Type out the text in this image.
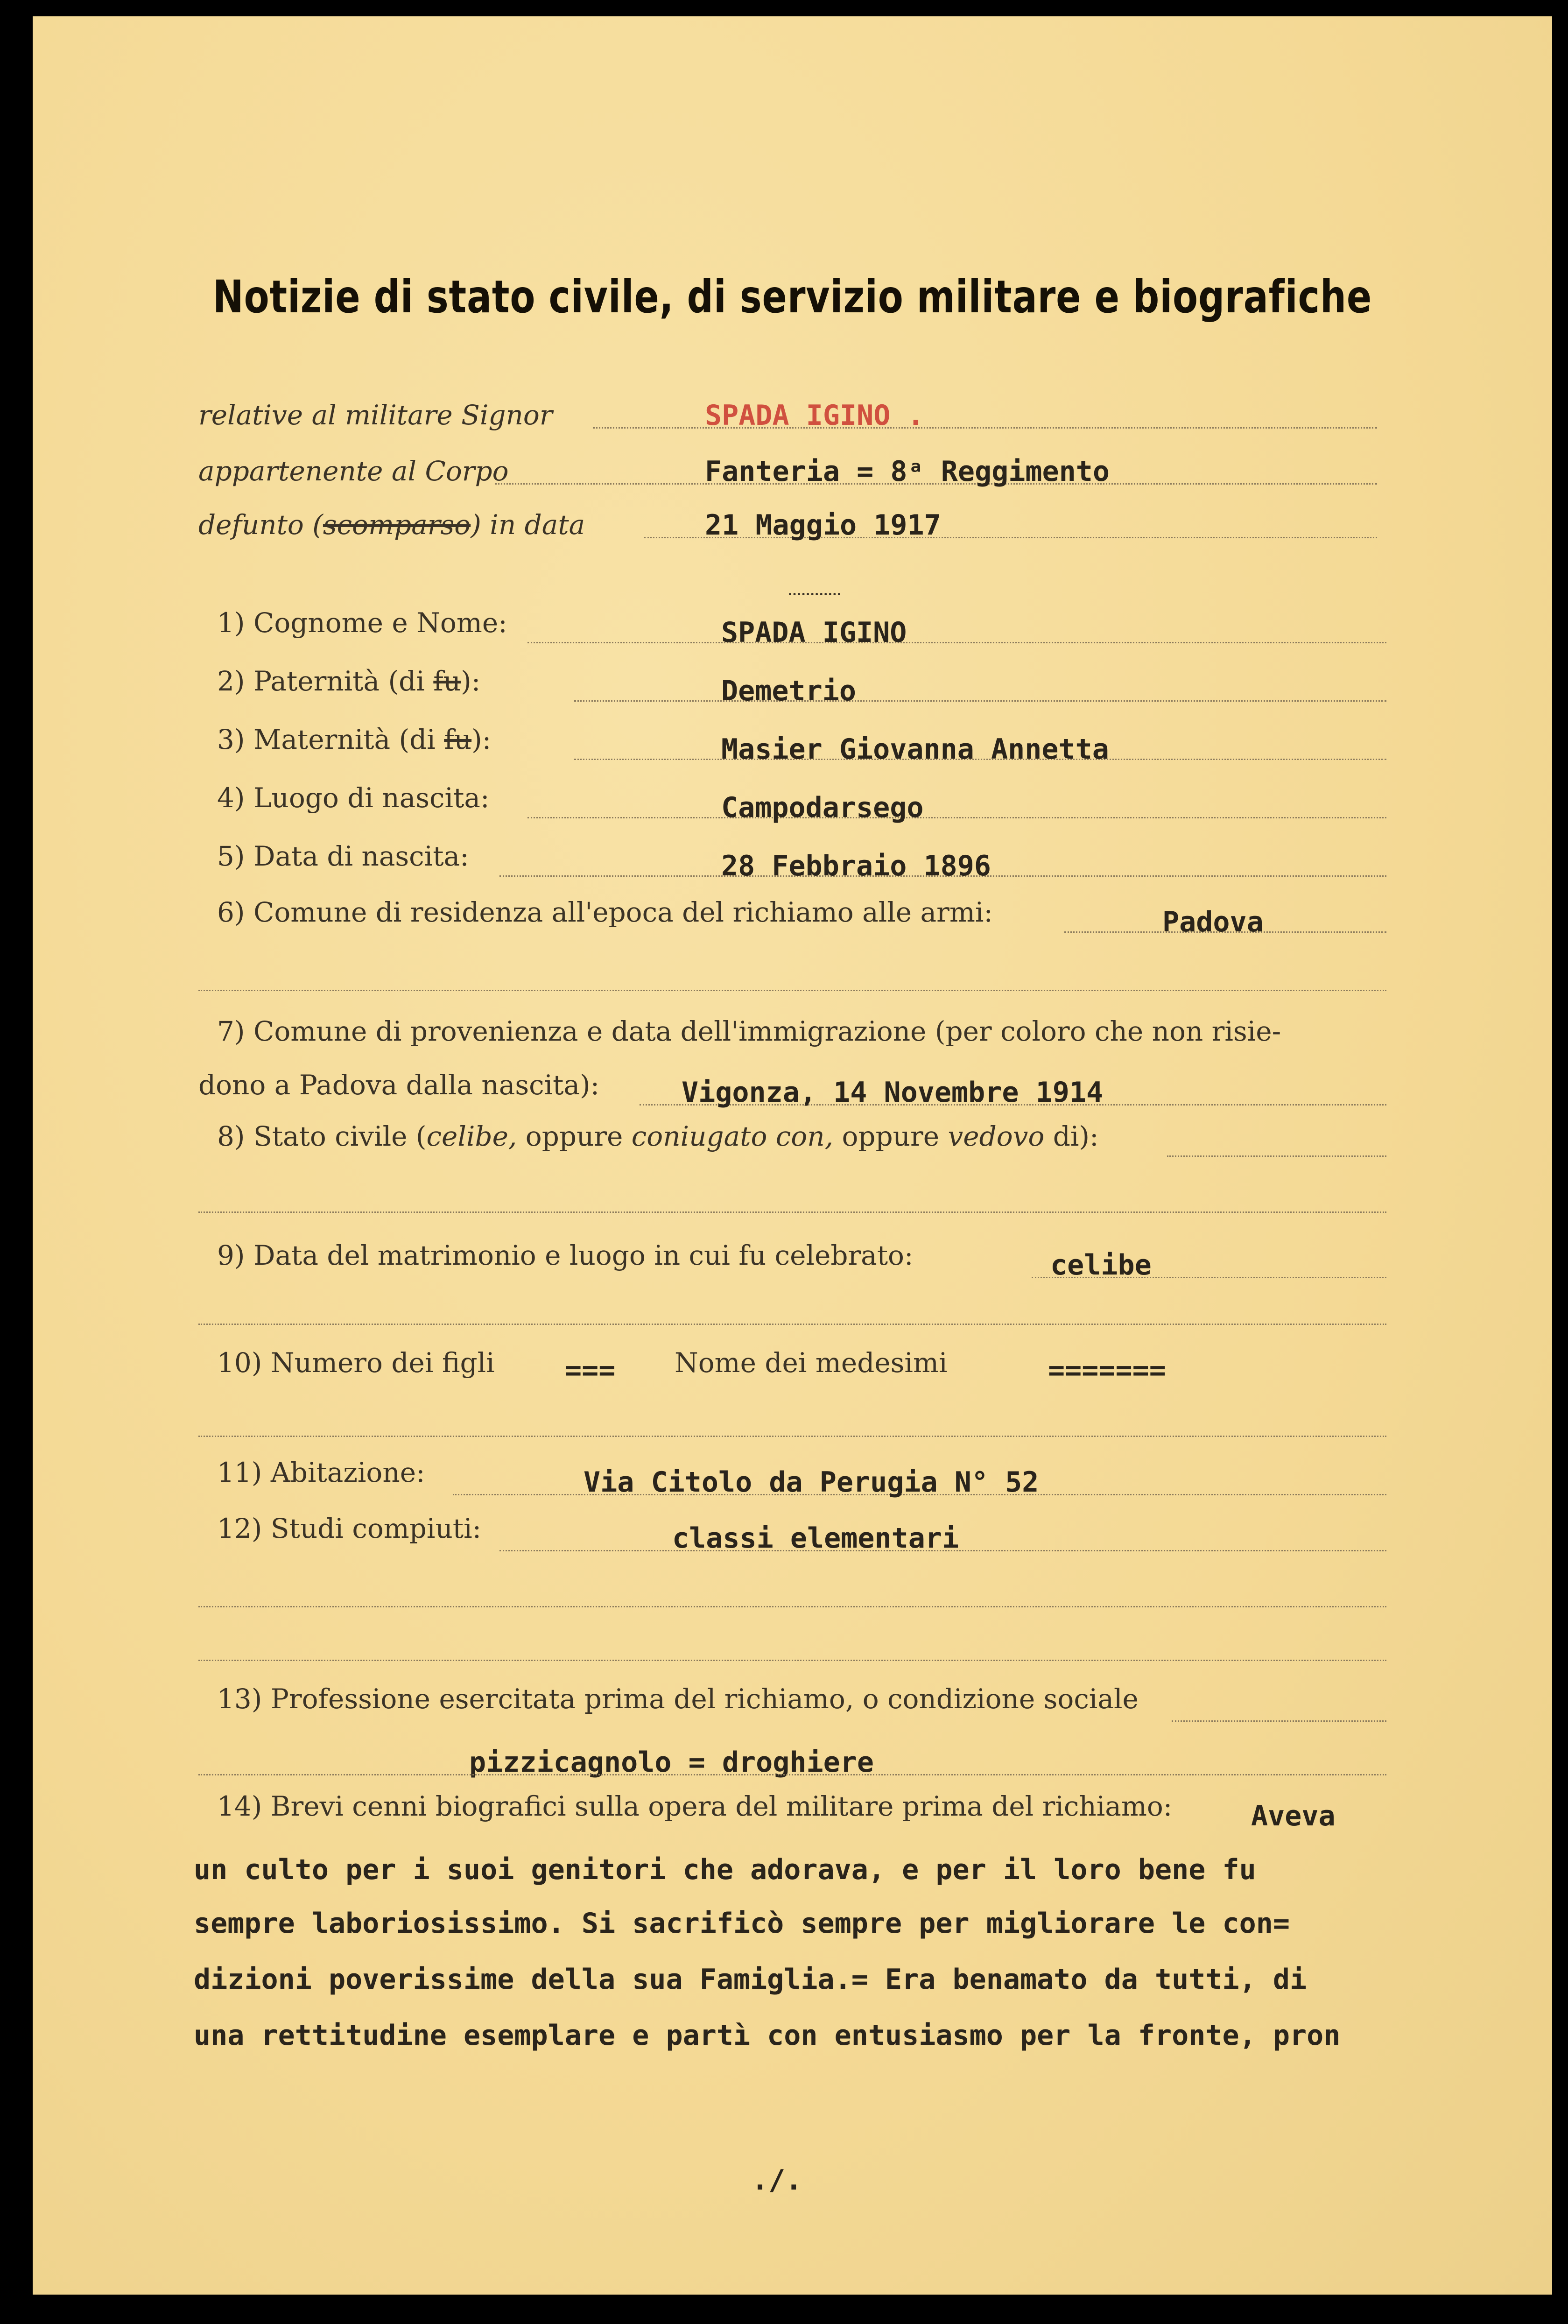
Notizie di stato civile, di servizio militare e biografiche
relative al militare Signor	SPADA IGINO .
appartenente al Corpo	Fanteria = 8ᵃ Reggimento
defunto (scomparso) in data	21 Maggio 1917
1) Cognome e Nome:	SPADA IGINO
2) Paternità (di fu):	Demetrio
3) Maternità (di fu):	Masier Giovanna Annetta
4) Luogo di nascita:	Campodarsego
5) Data di nascita:	28 Febbraio 1896
6) Comune di residenza all'epoca del richiamo alle armi:	Padova
7) Comune di provenienza e data dell'immigrazione (per coloro che non risie-
dono a Padova dalla nascita):	Vigonza, 14 Novembre 1914
8) Stato civile (celibe, oppure coniugato con, oppure vedovo di):
9) Data del matrimonio e luogo in cui fu celebrato:	celibe
10) Numero dei figli	=== Nome dei medesimi	=======
11) Abitazione:	Via Citolo da Perugia N° 52
12) Studi compiuti:	classi elementari
13) Professione esercitata prima del richiamo, o condizione sociale
pizzicagnolo = droghiere
14) Brevi cenni biografici sulla opera del militare prima del richiamo:	Aveva
un culto per i suoi genitori che adorava, e per il loro bene fu
sempre laboriosissimo. Si sacrificò sempre per migliorare le con=
dizioni poverissime della sua Famiglia.= Era benamato da tutti, di
una rettitudine esemplare e partì con entusiasmo per la fronte, pron
./.
